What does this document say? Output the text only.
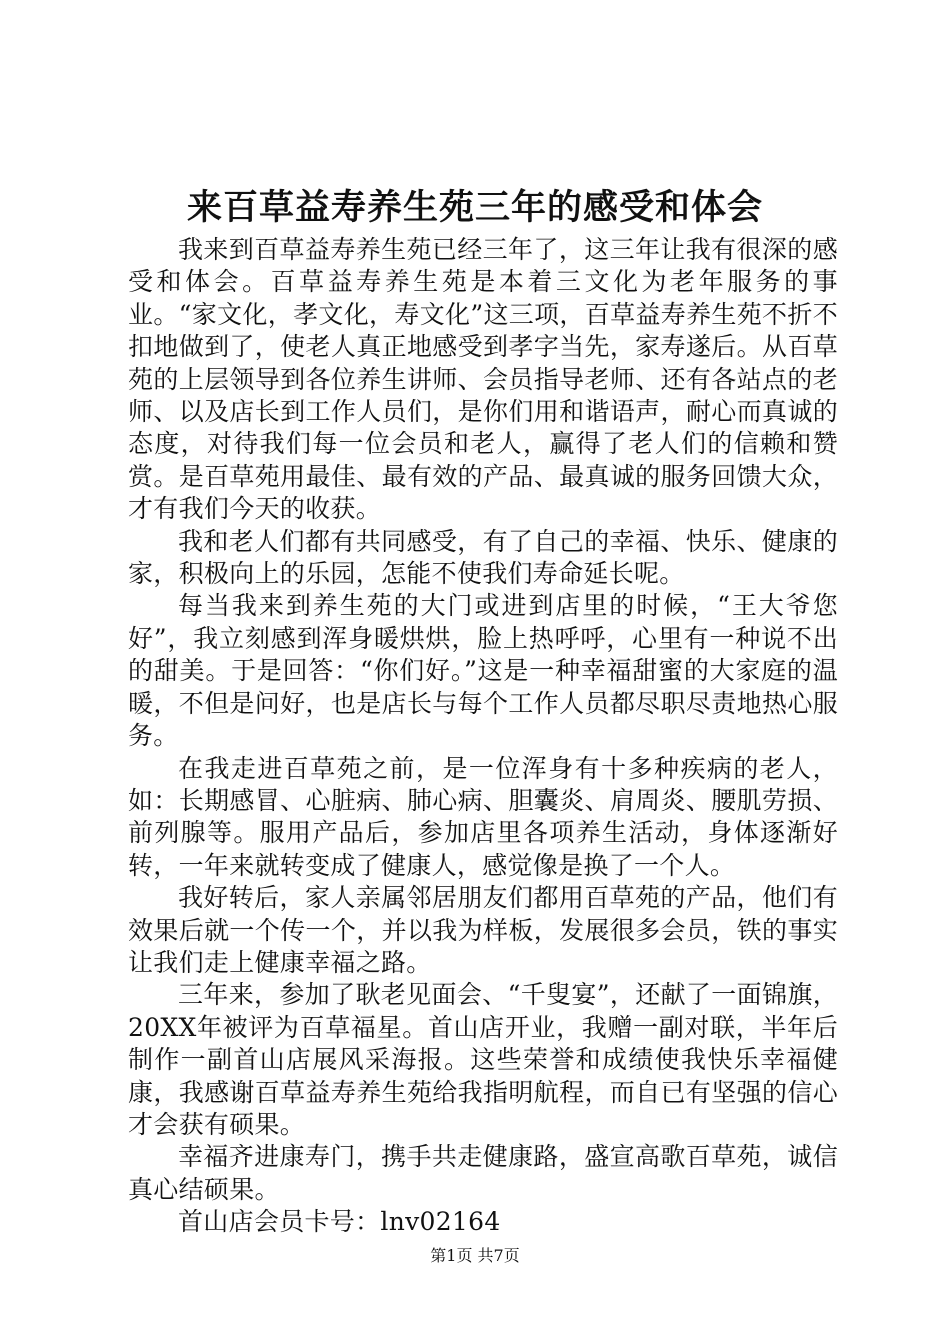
来百草益寿养生苑三年的感受和体会

我来到百草益寿养生苑已经三年了，这三年让我有很深的感受和体会。百草益寿养生苑是本着三文化为老年服务的事业。“家文化，孝文化，寿文化”这三项，百草益寿养生苑不折不扣地做到了，使老人真正地感受到孝字当先，家寿遂后。从百草苑的上层领导到各位养生讲师、会员指导老师、还有各站点的老师、以及店长到工作人员们，是你们用和谐语声，耐心而真诚的态度，对待我们每一位会员和老人，赢得了老人们的信赖和赞赏。是百草苑用最佳、最有效的产品、最真诚的服务回馈大众，才有我们今天的收获。

我和老人们都有共同感受，有了自己的幸福、快乐、健康的家，积极向上的乐园，怎能不使我们寿命延长呢。

每当我来到养生苑的大门或进到店里的时候，“王大爷您好”，我立刻感到浑身暖烘烘，脸上热呼呼，心里有一种说不出的甜美。于是回答：“你们好。”这是一种幸福甜蜜的大家庭的温暖，不但是问好，也是店长与每个工作人员都尽职尽责地热心服务。

在我走进百草苑之前，是一位浑身有十多种疾病的老人，如：长期感冒、心脏病、肺心病、胆囊炎、肩周炎、腰肌劳损、前列腺等。服用产品后，参加店里各项养生活动，身体逐渐好转，一年来就转变成了健康人，感觉像是换了一个人。

我好转后，家人亲属邻居朋友们都用百草苑的产品，他们有效果后就一个传一个，并以我为样板，发展很多会员，铁的事实让我们走上健康幸福之路。

三年来，参加了耿老见面会、“千叟宴”，还献了一面锦旗，20XX年被评为百草福星。首山店开业，我赠一副对联，半年后制作一副首山店展风采海报。这些荣誉和成绩使我快乐幸福健康，我感谢百草益寿养生苑给我指明航程，而自已有坚强的信心才会获有硕果。

幸福齐进康寿门，携手共走健康路，盛宣高歌百草苑，诚信真心结硕果。

首山店会员卡号：lnv02164

第1页 共7页
